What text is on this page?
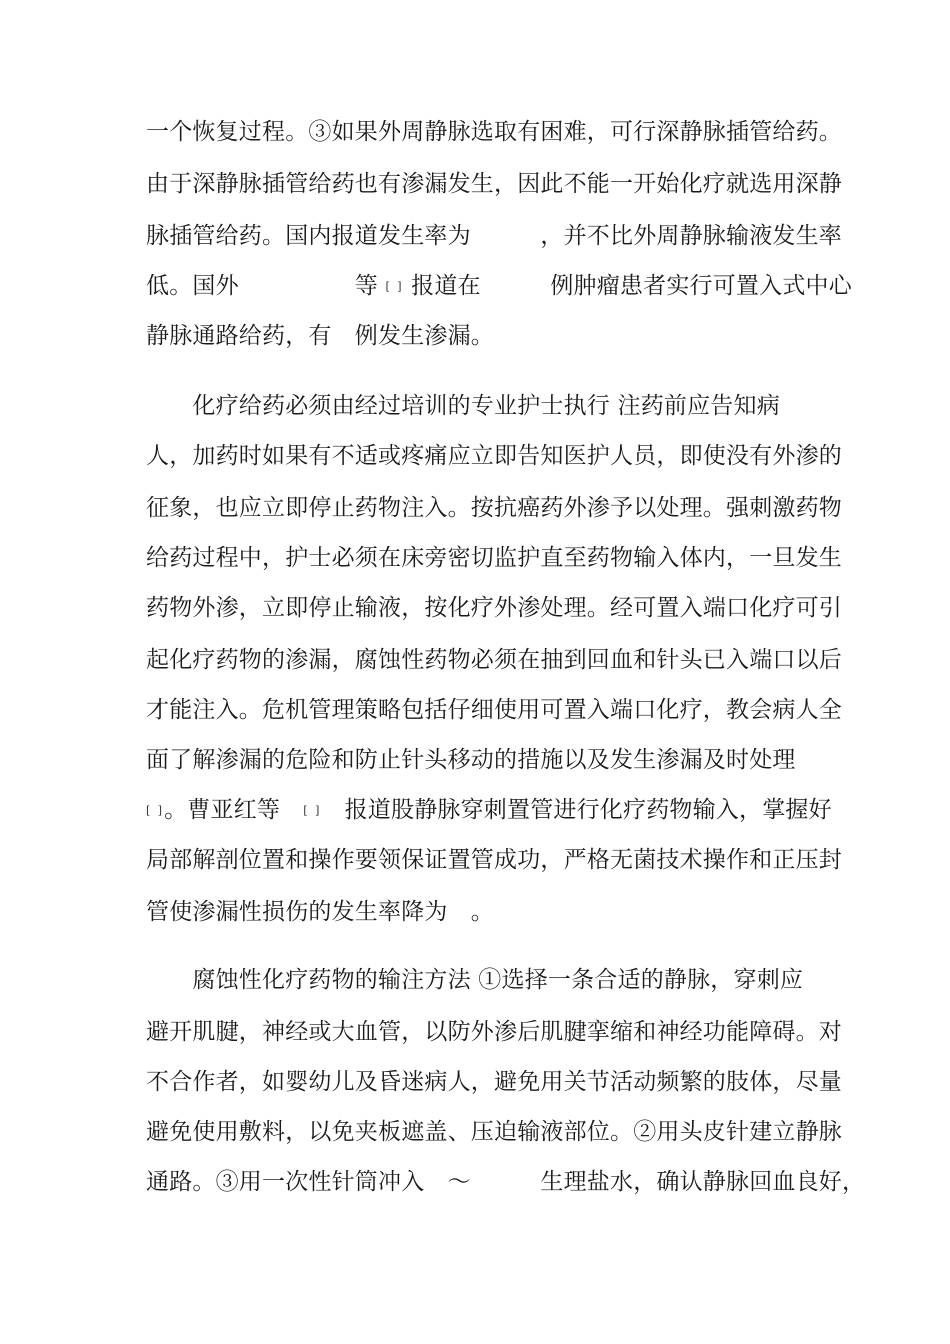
一个恢复过程。③如果外周静脉选取有困难，可行深静脉插管给药。
由于深静脉插管给药也有渗漏发生，因此不能一开始化疗就选用深静
脉插管给药。国内报道发生率为　　　，并不比外周静脉输液发生率
低。国外　　　　　等 [ ] 报道在　　　例肿瘤患者实行可置入式中心
静脉通路给药，有　例发生渗漏。
　　化疗给药必须由经过培训的专业护士执行 注药前应告知病
人，加药时如果有不适或疼痛应立即告知医护人员，即使没有外渗的
征象，也应立即停止药物注入。按抗癌药外渗予以处理。强刺激药物
给药过程中，护士必须在床旁密切监护直至药物输入体内，一旦发生
药物外渗，立即停止输液，按化疗外渗处理。经可置入端口化疗可引
起化疗药物的渗漏，腐蚀性药物必须在抽到回血和针头已入端口以后
才能注入。危机管理策略包括仔细使用可置入端口化疗，教会病人全
面了解渗漏的危险和防止针头移动的措施以及发生渗漏及时处理
[ ]。曹亚红等　[ ]　报道股静脉穿刺置管进行化疗药物输入，掌握好
局部解剖位置和操作要领保证置管成功，严格无菌技术操作和正压封
管使渗漏性损伤的发生率降为　。
　　腐蚀性化疗药物的输注方法 ①选择一条合适的静脉，穿刺应
避开肌腱，神经或大血管，以防外渗后肌腱挛缩和神经功能障碍。对
不合作者，如婴幼儿及昏迷病人，避免用关节活动频繁的肢体，尽量
避免使用敷料，以免夹板遮盖、压迫输液部位。②用头皮针建立静脉
通路。③用一次性针筒冲入　～　　　生理盐水，确认静脉回血良好，
